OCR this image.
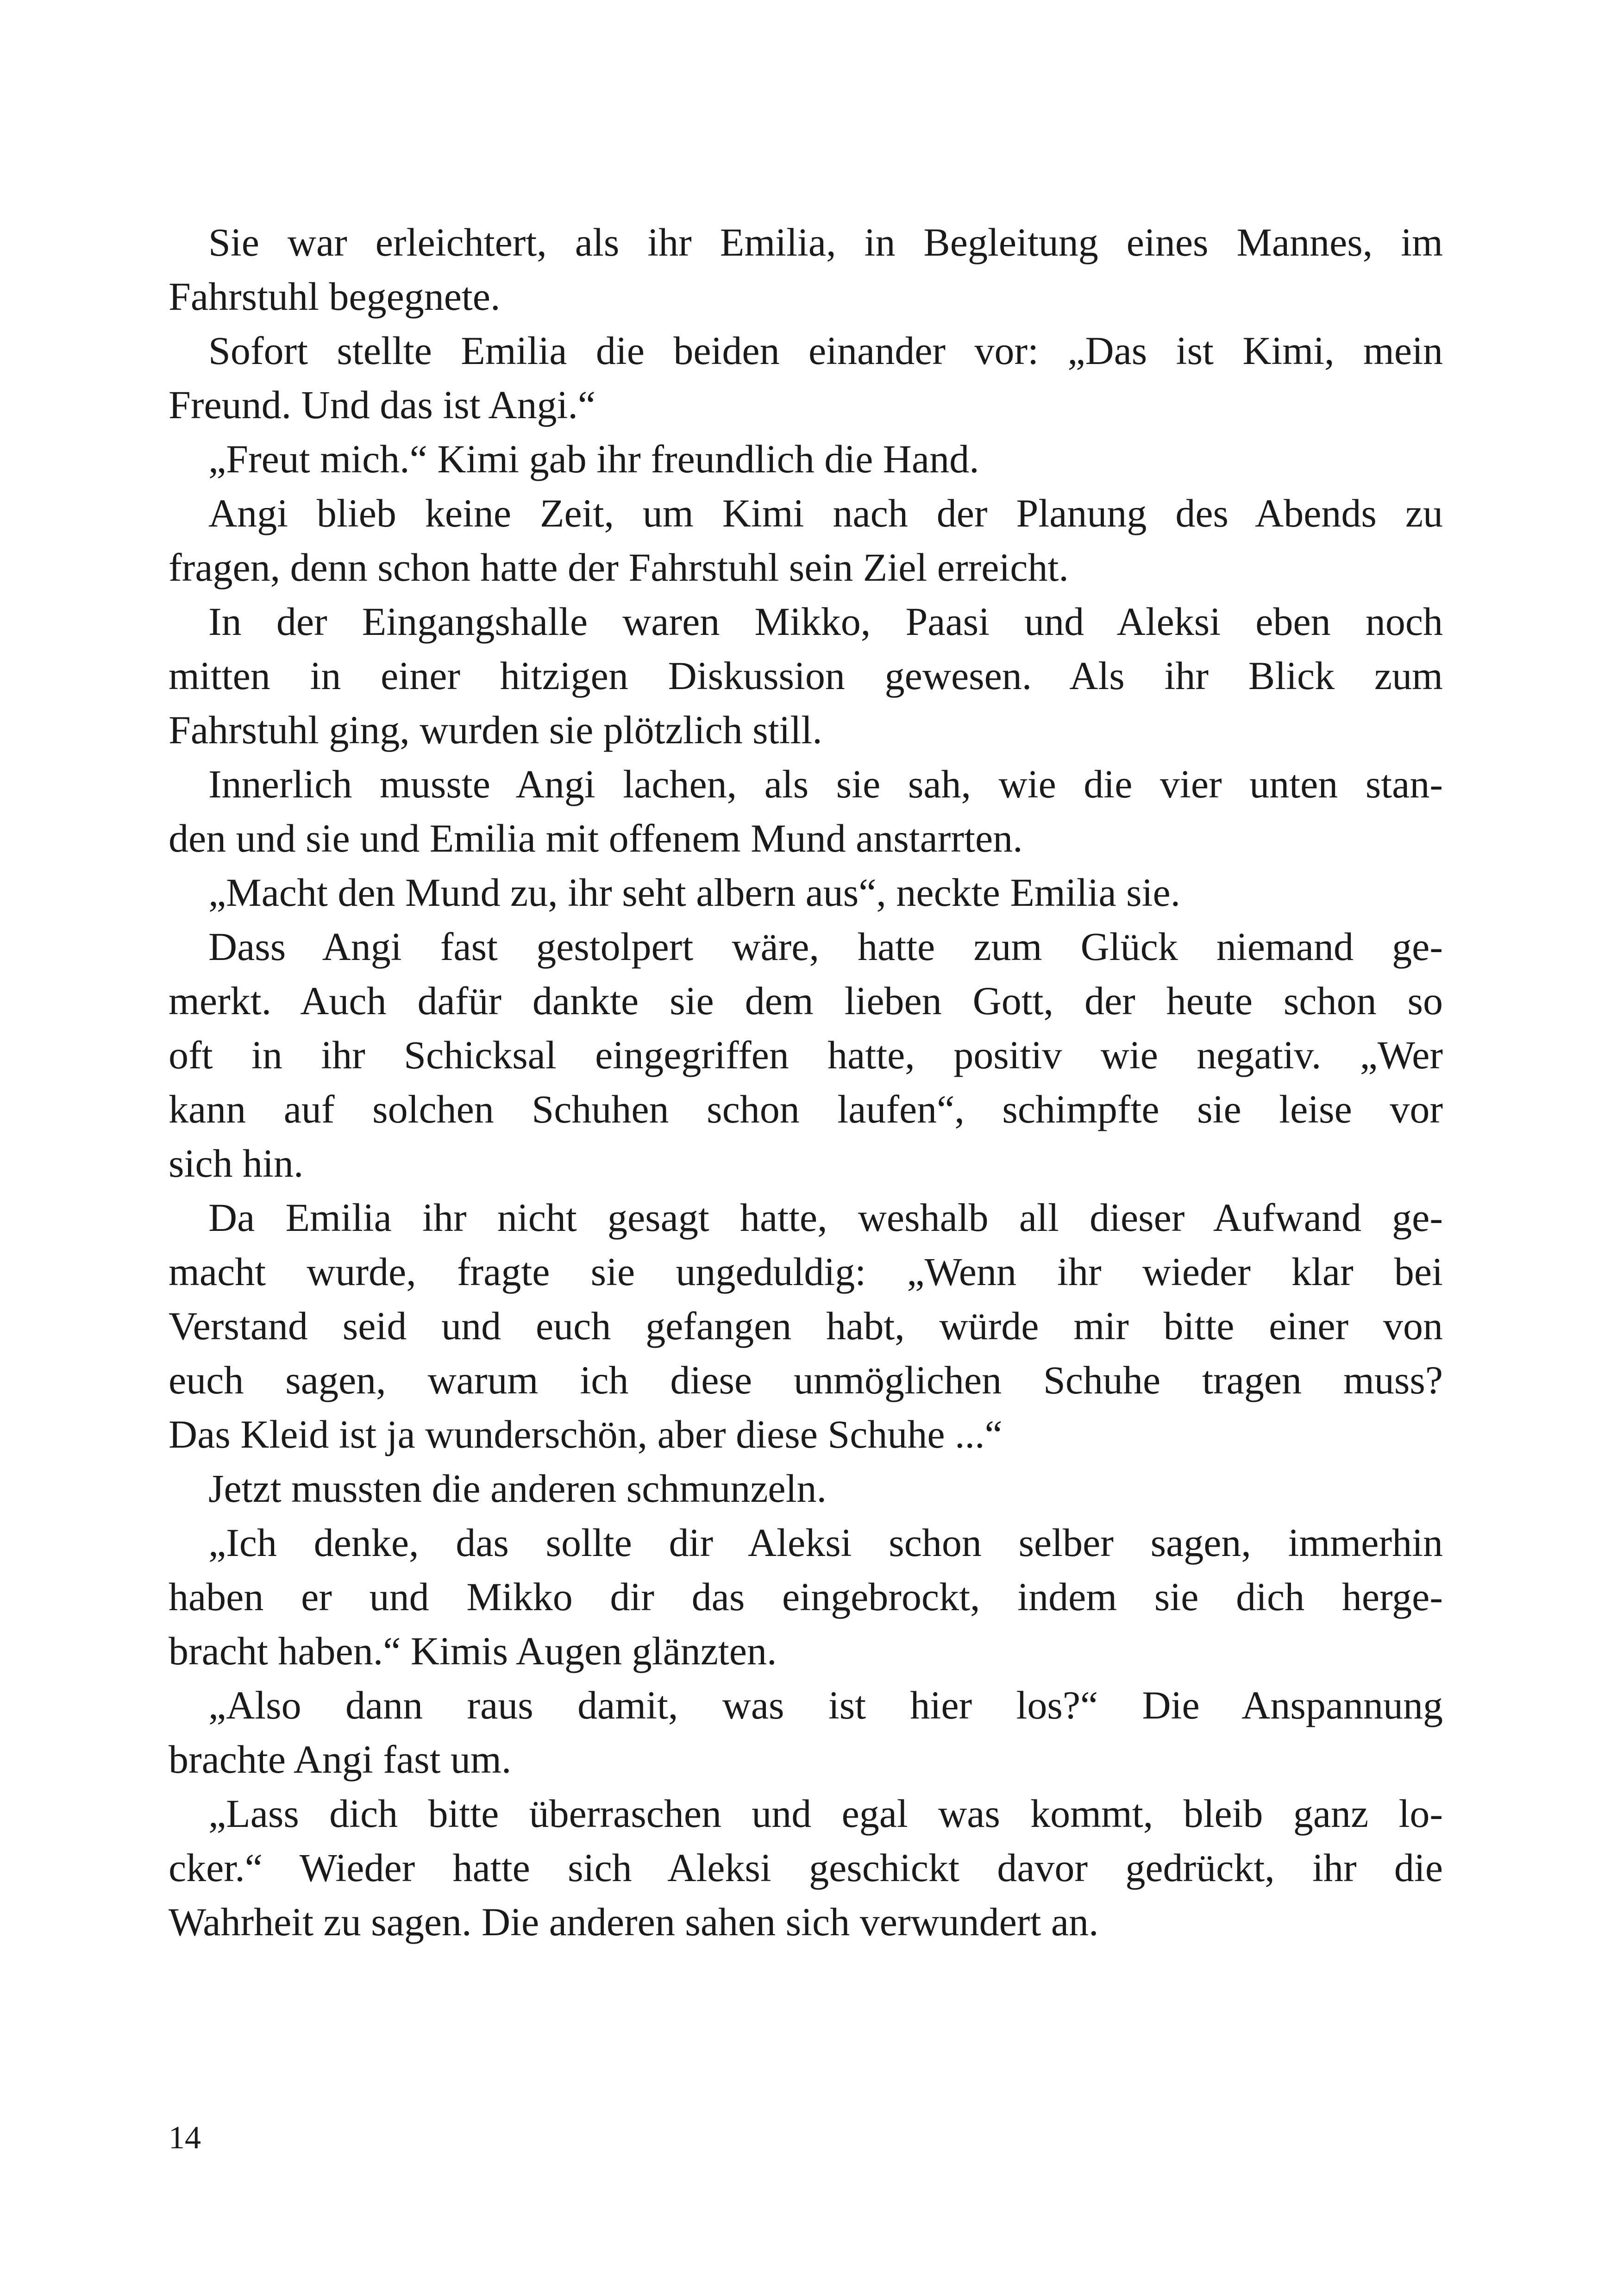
Sie war erleichtert, als ihr Emilia, in Begleitung eines Mannes, im
Fahrstuhl begegnete.
Sofort stellte Emilia die beiden einander vor: „Das ist Kimi, mein
Freund. Und das ist Angi.“
„Freut mich.“ Kimi gab ihr freundlich die Hand.
Angi blieb keine Zeit, um Kimi nach der Planung des Abends zu
fragen, denn schon hatte der Fahrstuhl sein Ziel erreicht.
In der Eingangshalle waren Mikko, Paasi und Aleksi eben noch
mitten in einer hitzigen Diskussion gewesen. Als ihr Blick zum
Fahrstuhl ging, wurden sie plötzlich still.
Innerlich musste Angi lachen, als sie sah, wie die vier unten stan-
den und sie und Emilia mit offenem Mund anstarrten.
„Macht den Mund zu, ihr seht albern aus“, neckte Emilia sie.
Dass Angi fast gestolpert wäre, hatte zum Glück niemand ge-
merkt. Auch dafür dankte sie dem lieben Gott, der heute schon so
oft in ihr Schicksal eingegriffen hatte, positiv wie negativ. „Wer
kann auf solchen Schuhen schon laufen“, schimpfte sie leise vor
sich hin.
Da Emilia ihr nicht gesagt hatte, weshalb all dieser Aufwand ge-
macht wurde, fragte sie ungeduldig: „Wenn ihr wieder klar bei
Verstand seid und euch gefangen habt, würde mir bitte einer von
euch sagen, warum ich diese unmöglichen Schuhe tragen muss?
Das Kleid ist ja wunderschön, aber diese Schuhe ...“
Jetzt mussten die anderen schmunzeln.
„Ich denke, das sollte dir Aleksi schon selber sagen, immerhin
haben er und Mikko dir das eingebrockt, indem sie dich herge-
bracht haben.“ Kimis Augen glänzten.
„Also dann raus damit, was ist hier los?“ Die Anspannung
brachte Angi fast um.
„Lass dich bitte überraschen und egal was kommt, bleib ganz lo-
cker.“ Wieder hatte sich Aleksi geschickt davor gedrückt, ihr die
Wahrheit zu sagen. Die anderen sahen sich verwundert an.
14
